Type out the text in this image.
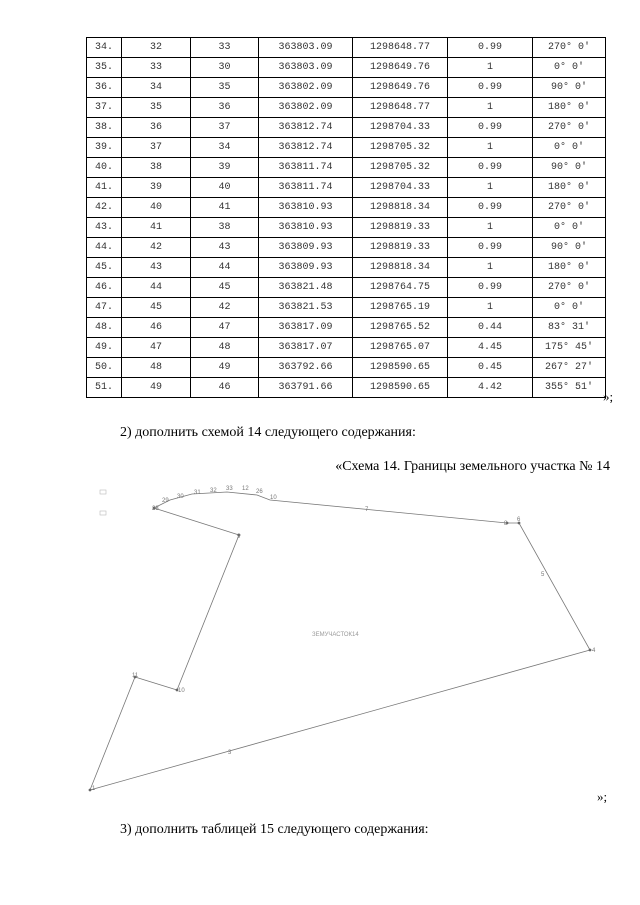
34.	32	33	363803.09	1298648.77	0.99	270° 0'
35.	33	30	363803.09	1298649.76	1	0° 0'
36.	34	35	363802.09	1298649.76	0.99	90° 0'
37.	35	36	363802.09	1298648.77	1	180° 0'
38.	36	37	363812.74	1298704.33	0.99	270° 0'
39.	37	34	363812.74	1298705.32	1	0° 0'
40.	38	39	363811.74	1298705.32	0.99	90° 0'
41.	39	40	363811.74	1298704.33	1	180° 0'
42.	40	41	363810.93	1298818.34	0.99	270° 0'
43.	41	38	363810.93	1298819.33	1	0° 0'
44.	42	43	363809.93	1298819.33	0.99	90° 0'
45.	43	44	363809.93	1298818.34	1	180° 0'
46.	44	45	363821.48	1298764.75	0.99	270° 0'
47.	45	42	363821.53	1298765.19	1	0° 0'
48.	46	47	363817.09	1298765.52	0.44	83° 31'
49.	47	48	363817.07	1298765.07	4.45	175° 45'
50.	48	49	363792.66	1298590.65	0.45	267° 27'
51.	49	46	363791.66	1298590.65	4.42	355° 51'
»;
2) дополнить схемой 14 следующего содержания:
«Схема 14. Границы земельного участка № 14
29
30
31 32 33 12 26
10
28
1
3
4
5
6
7
8
9
10
11
ЗЕМУЧАСТОК14
»;
3) дополнить таблицей 15 следующего содержания:
